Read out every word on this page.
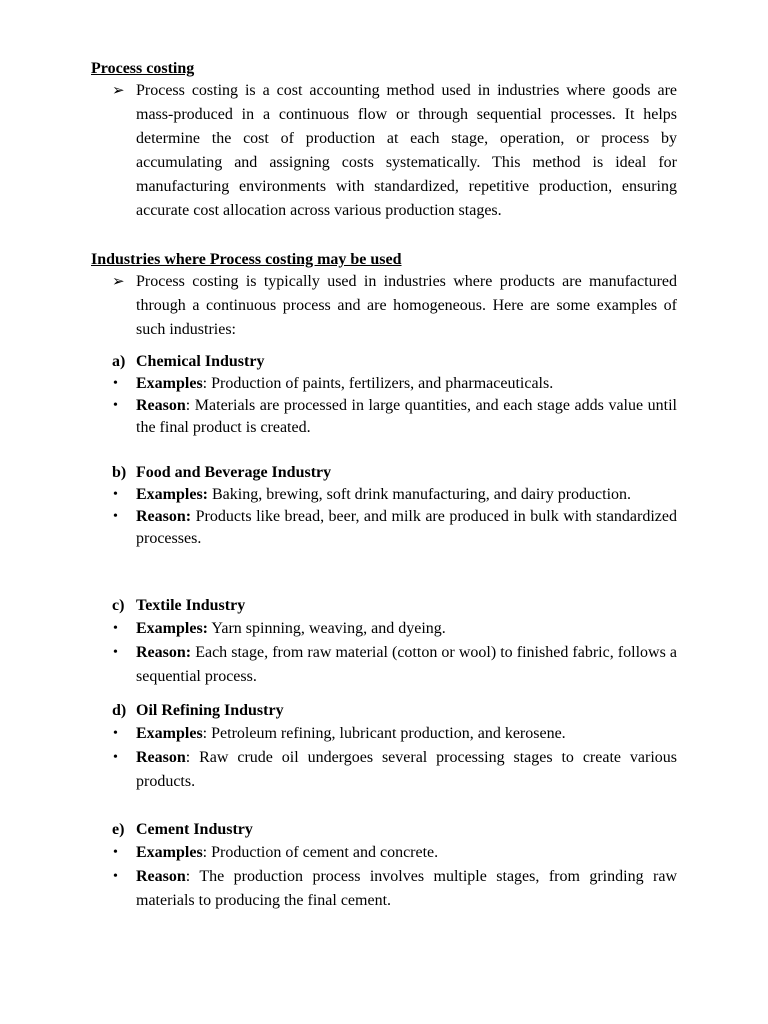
Process costing
➢ Process costing is a cost accounting method used in industries where goods are mass-produced in a continuous flow or through sequential processes. It helps determine the cost of production at each stage, operation, or process by accumulating and assigning costs systematically. This method is ideal for manufacturing environments with standardized, repetitive production, ensuring accurate cost allocation across various production stages.
Industries where Process costing may be used
➢ Process costing is typically used in industries where products are manufactured through a continuous process and are homogeneous. Here are some examples of such industries:
a) Chemical Industry
• Examples: Production of paints, fertilizers, and pharmaceuticals.
• Reason: Materials are processed in large quantities, and each stage adds value until the final product is created.
b) Food and Beverage Industry
• Examples: Baking, brewing, soft drink manufacturing, and dairy production.
• Reason: Products like bread, beer, and milk are produced in bulk with standardized processes.
c) Textile Industry
• Examples: Yarn spinning, weaving, and dyeing.
• Reason: Each stage, from raw material (cotton or wool) to finished fabric, follows a sequential process.
d) Oil Refining Industry
• Examples: Petroleum refining, lubricant production, and kerosene.
• Reason: Raw crude oil undergoes several processing stages to create various products.
e) Cement Industry
• Examples: Production of cement and concrete.
• Reason: The production process involves multiple stages, from grinding raw materials to producing the final cement.
